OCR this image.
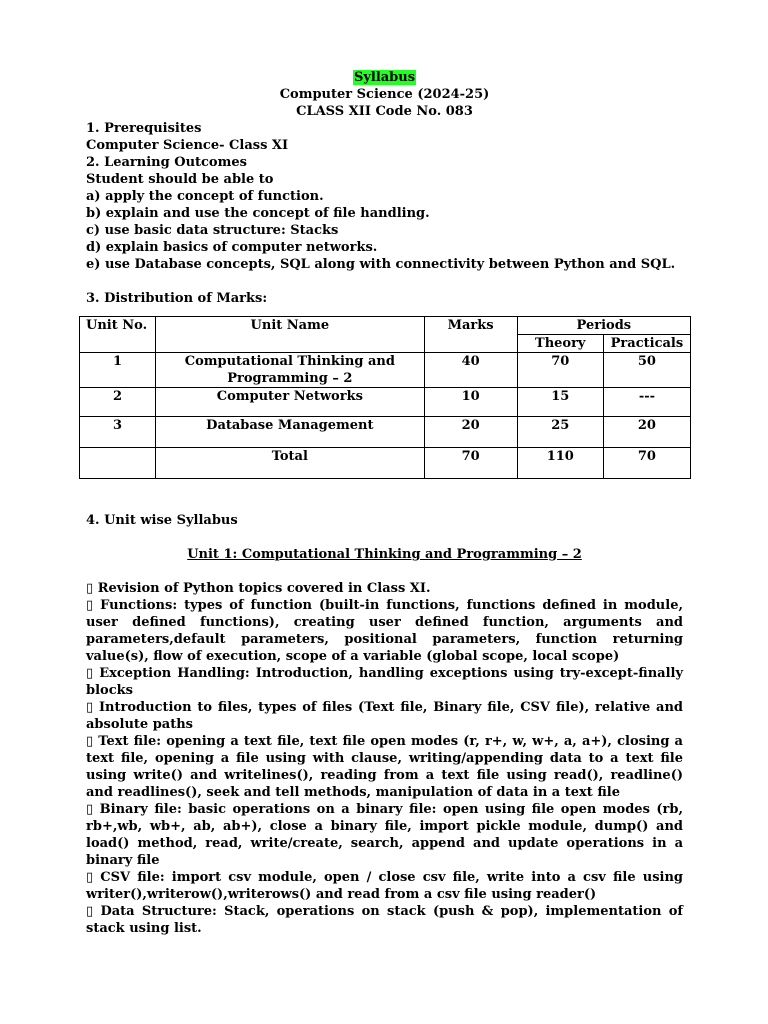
Syllabus
Computer Science (2024-25)
CLASS XII Code No. 083
1. Prerequisites
Computer Science- Class XI
2. Learning Outcomes
Student should be able to
a) apply the concept of function.
b) explain and use the concept of file handling.
c) use basic data structure: Stacks
d) explain basics of computer networks.
e) use Database concepts, SQL along with connectivity between Python and SQL.
3. Distribution of Marks:
Unit No.	Unit Name	Marks	Periods	
			Theory	Practicals
1	Computational Thinking and Programming – 2	40	70	50
2	Computer Networks	10	15	---
3	Database Management	20	25	20
	Total	70	110	70
4. Unit wise Syllabus
Unit 1: Computational Thinking and Programming – 2
▯ Revision of Python topics covered in Class XI.
▯ Functions: types of function (built-in functions, functions defined in module, user defined functions), creating user defined function, arguments and parameters,default parameters, positional parameters, function returning value(s), flow of execution, scope of a variable (global scope, local scope)
▯ Exception Handling: Introduction, handling exceptions using try-except-finally blocks
▯ Introduction to files, types of files (Text file, Binary file, CSV file), relative and absolute paths
▯ Text file: opening a text file, text file open modes (r, r+, w, w+, a, a+), closing a text file, opening a file using with clause, writing/appending data to a text file using write() and writelines(), reading from a text file using read(), readline() and readlines(), seek and tell methods, manipulation of data in a text file
▯ Binary file: basic operations on a binary file: open using file open modes (rb, rb+,wb, wb+, ab, ab+), close a binary file, import pickle module, dump() and load() method, read, write/create, search, append and update operations in a binary file
▯ CSV file: import csv module, open / close csv file, write into a csv file using writer(),writerow(),writerows() and read from a csv file using reader()
▯ Data Structure: Stack, operations on stack (push & pop), implementation of stack using list.
